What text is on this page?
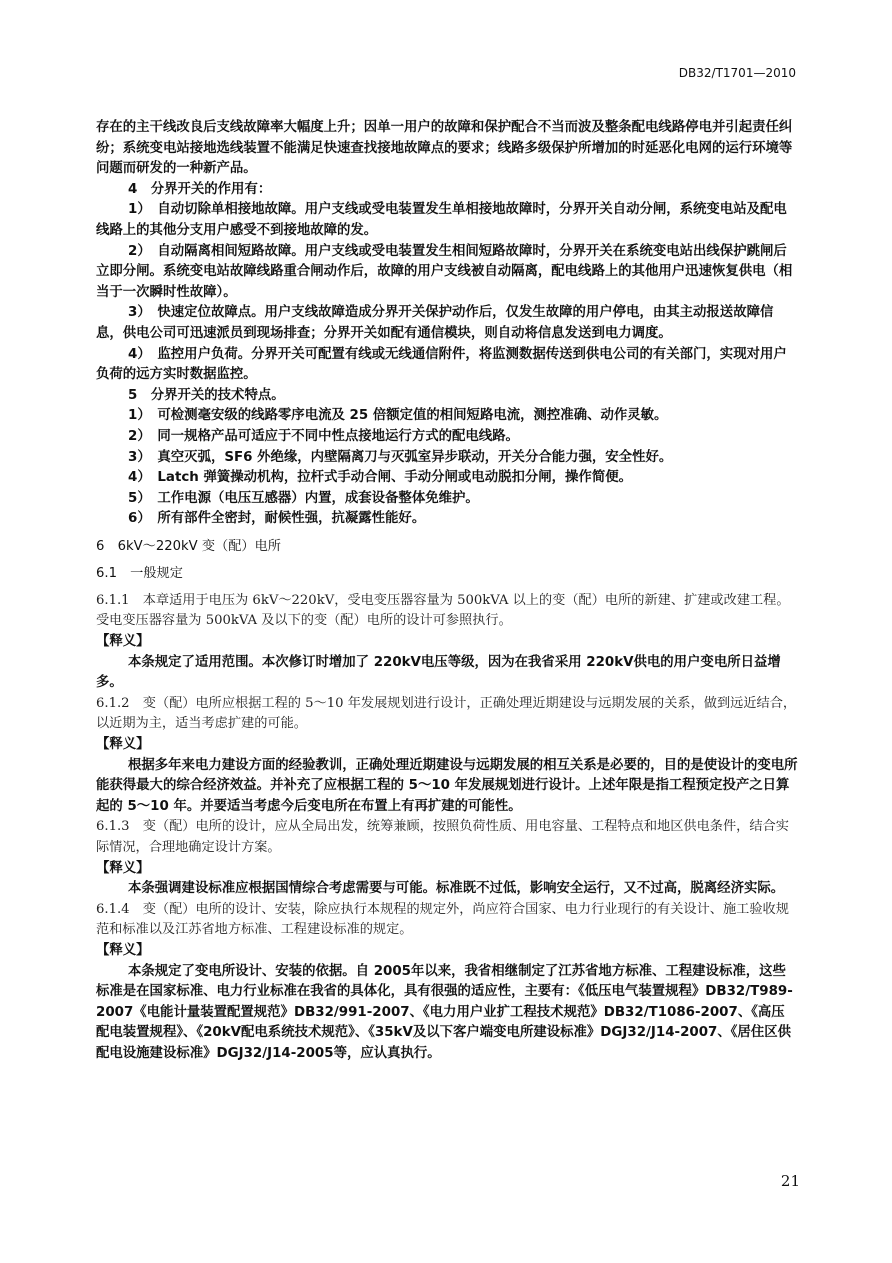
DB32/T1701—2010

存在的主干线改良后支线故障率大幅度上升；因单一用户的故障和保护配合不当而波及整条配电线路停电并引起责任纠纷；系统变电站接地选线装置不能满足快速查找接地故障点的要求；线路多级保护所增加的时延恶化电网的运行环境等问题而研发的一种新产品。

4　分界开关的作用有：

1）　自动切除单相接地故障。用户支线或受电装置发生单相接地故障时，分界开关自动分闸，系统变电站及配电线路上的其他分支用户感受不到接地故障的发。

2）　自动隔离相间短路故障。用户支线或受电装置发生相间短路故障时，分界开关在系统变电站出线保护跳闸后立即分闸。系统变电站故障线路重合闸动作后，故障的用户支线被自动隔离，配电线路上的其他用户迅速恢复供电（相当于一次瞬时性故障）。

3）　快速定位故障点。用户支线故障造成分界开关保护动作后，仅发生故障的用户停电，由其主动报送故障信息，供电公司可迅速派员到现场排查；分界开关如配有通信模块，则自动将信息发送到电力调度。

4）　监控用户负荷。分界开关可配置有线或无线通信附件，将监测数据传送到供电公司的有关部门，实现对用户负荷的远方实时数据监控。

5　分界开关的技术特点。

1）　可检测毫安级的线路零序电流及 25 倍额定值的相间短路电流，测控准确、动作灵敏。

2）　同一规格产品可适应于不同中性点接地运行方式的配电线路。

3）　真空灭弧，SF6 外绝缘，内壁隔离刀与灭弧室异步联动，开关分合能力强，安全性好。

4）　Latch 弹簧操动机构，拉杆式手动合闸、手动分闸或电动脱扣分闸，操作简便。

5）　工作电源（电压互感器）内置，成套设备整体免维护。

6）　所有部件全密封，耐候性强，抗凝露性能好。

6　6kV～220kV 变（配）电所

6.1　一般规定

6.1.1　本章适用于电压为 6kV～220kV，受电变压器容量为 500kVA 以上的变（配）电所的新建、扩建或改建工程。受电变压器容量为 500kVA 及以下的变（配）电所的设计可参照执行。

【释义】

本条规定了适用范围。本次修订时增加了 220kV电压等级，因为在我省采用 220kV供电的用户变电所日益增多。

6.1.2　变（配）电所应根据工程的 5～10 年发展规划进行设计，正确处理近期建设与远期发展的关系，做到远近结合，以近期为主，适当考虑扩建的可能。

【释义】

根据多年来电力建设方面的经验教训，正确处理近期建设与远期发展的相互关系是必要的，目的是使设计的变电所能获得最大的综合经济效益。并补充了应根据工程的 5～10 年发展规划进行设计。上述年限是指工程预定投产之日算起的 5～10 年。并要适当考虑今后变电所在布置上有再扩建的可能性。

6.1.3　变（配）电所的设计，应从全局出发，统筹兼顾，按照负荷性质、用电容量、工程特点和地区供电条件，结合实际情况，合理地确定设计方案。

【释义】

本条强调建设标准应根据国情综合考虑需要与可能。标准既不过低，影响安全运行，又不过高，脱离经济实际。

6.1.4　变（配）电所的设计、安装，除应执行本规程的规定外，尚应符合国家、电力行业现行的有关设计、施工验收规范和标准以及江苏省地方标准、工程建设标准的规定。

【释义】

本条规定了变电所设计、安装的依据。自 2005年以来，我省相继制定了江苏省地方标准、工程建设标准，这些标准是在国家标准、电力行业标准在我省的具体化，具有很强的适应性，主要有：《低压电气装置规程》DB32/T989-2007《电能计量装置配置规范》DB32/991-2007、《电力用户业扩工程技术规范》DB32/T1086-2007、《高压配电装置规程》、《20kV配电系统技术规范》、《35kV及以下客户端变电所建设标准》DGJ32/J14-2007、《居住区供配电设施建设标准》DGJ32/J14-2005等，应认真执行。

21
